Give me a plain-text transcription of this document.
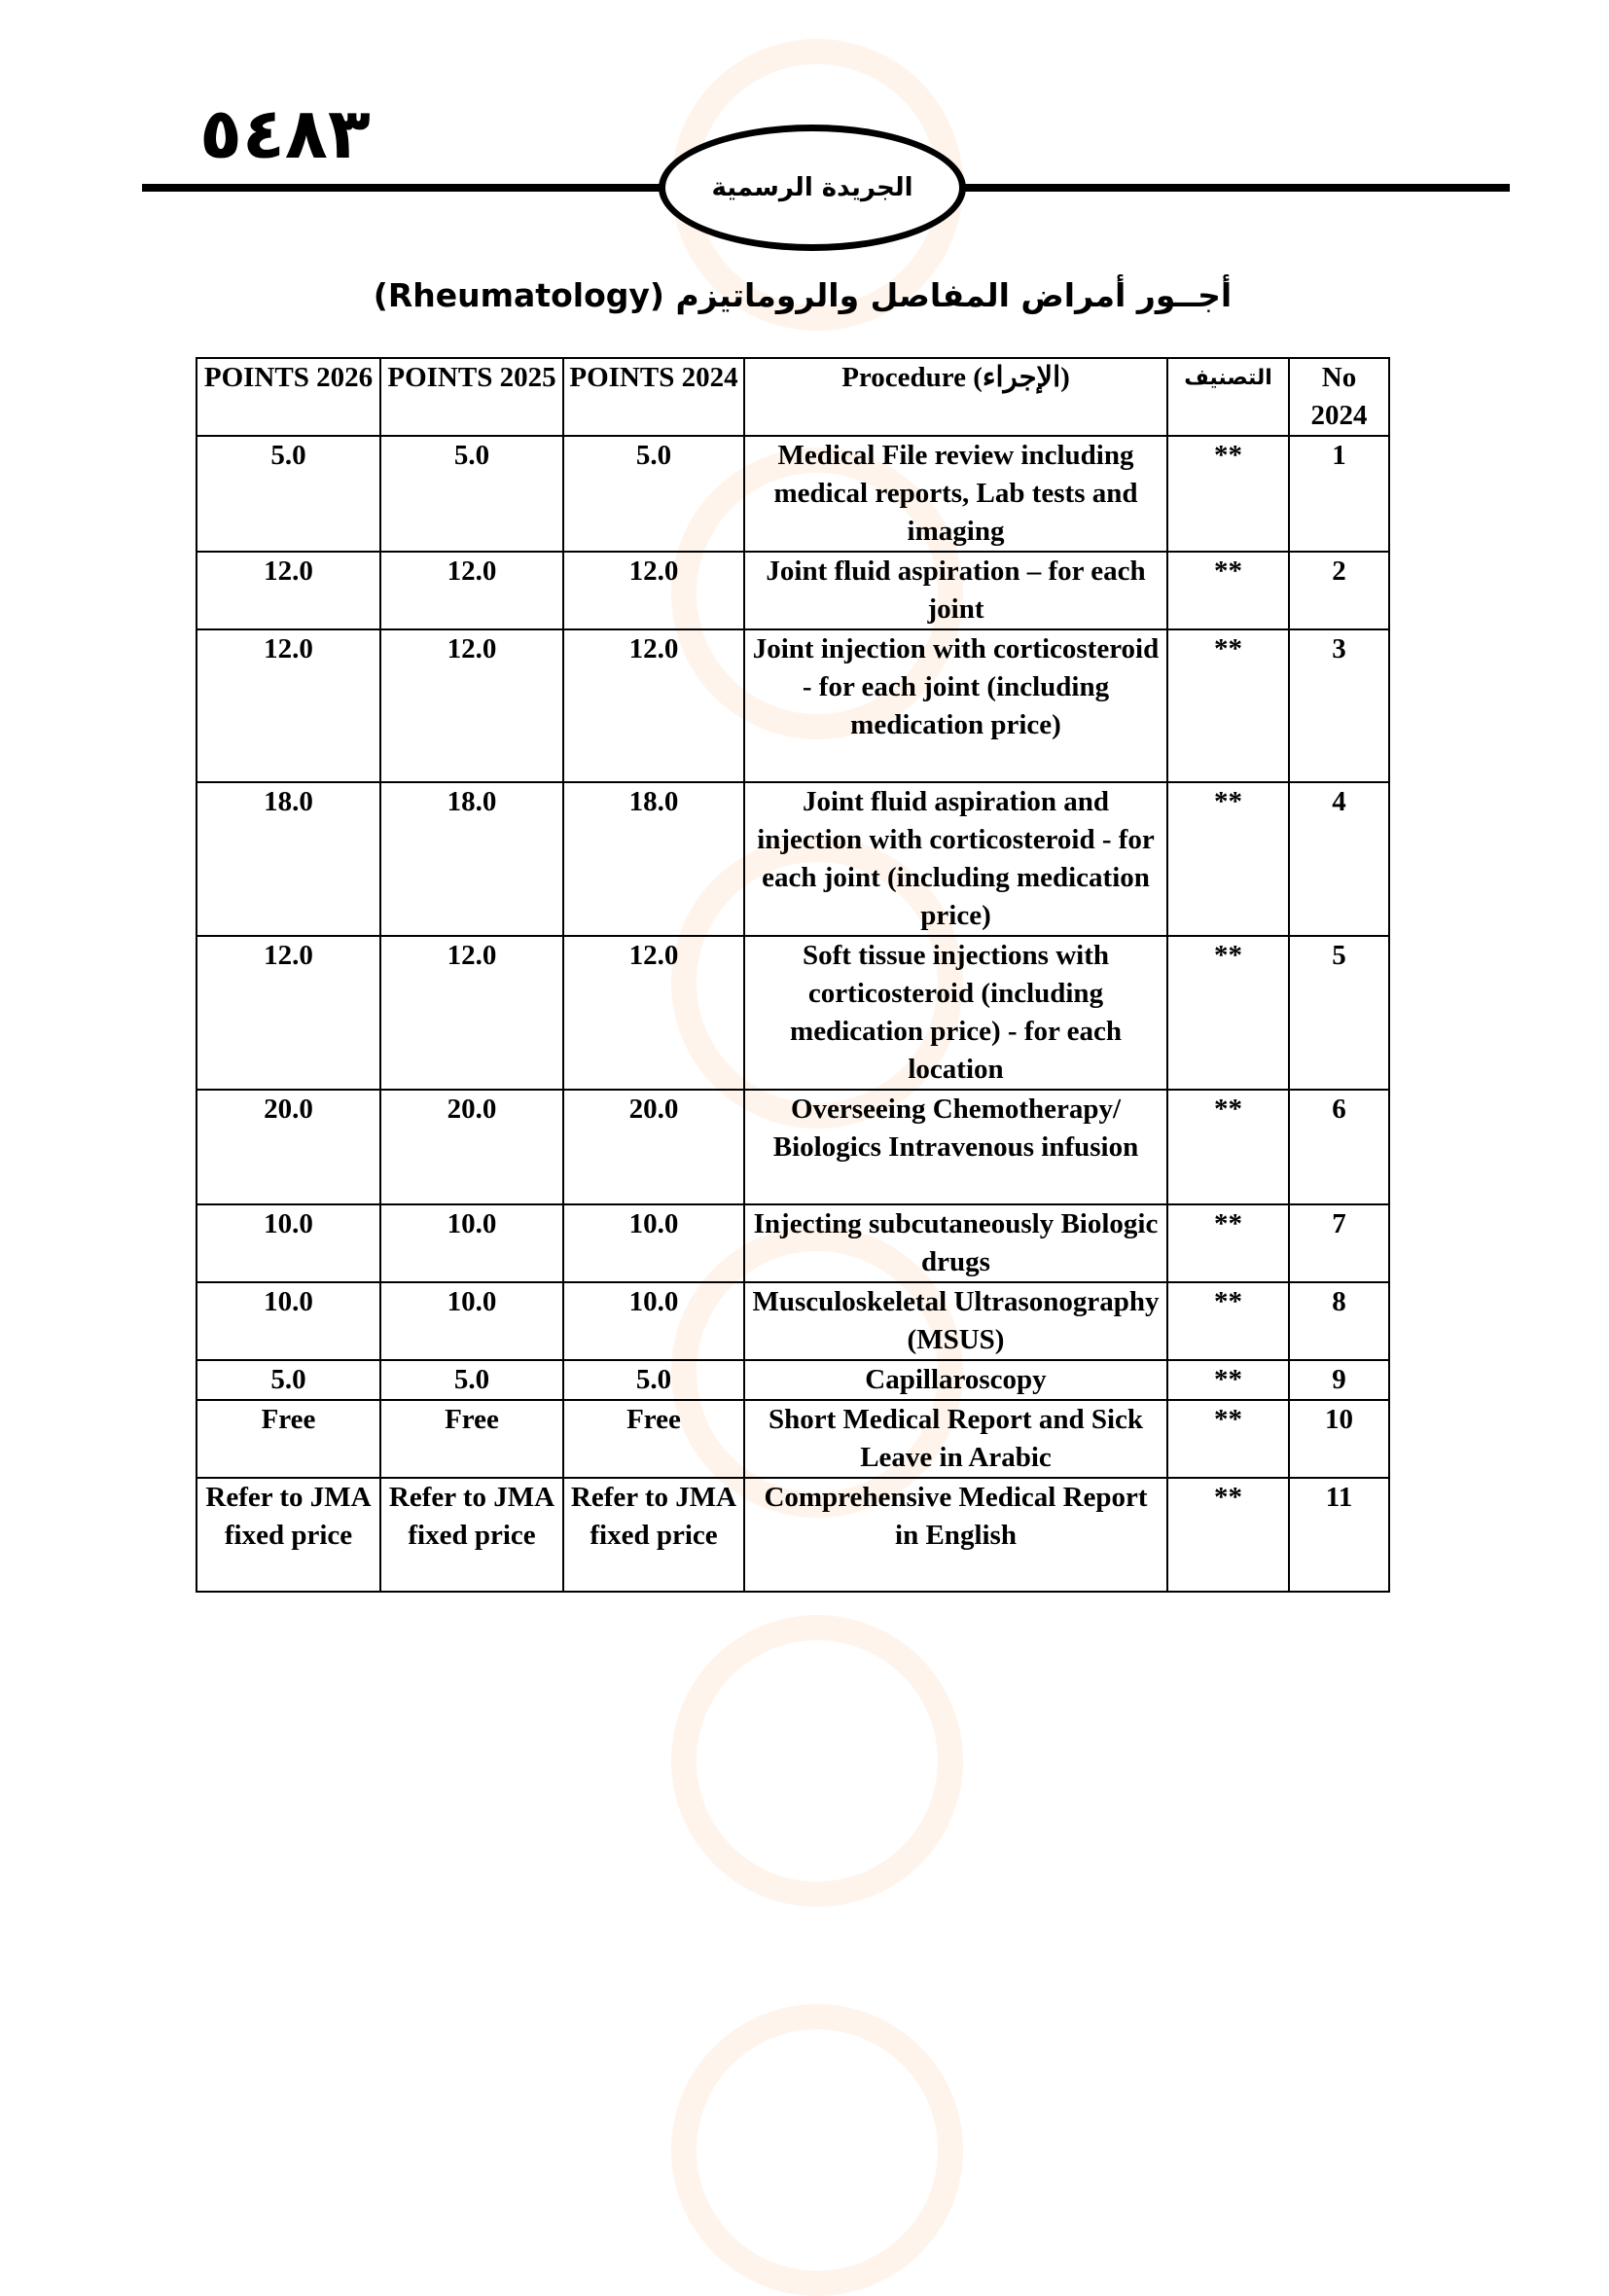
٥٤٨٣
الجريدة الرسمية
أجــور أمراض المفاصل والروماتيزم (Rheumatology)
POINTS 2026	POINTS 2025	POINTS 2024	Procedure (الإجراء)	التصنيف	No 2024
5.0	5.0	5.0	Medical File review including medical reports, Lab tests and imaging	**	1
12.0	12.0	12.0	Joint fluid aspiration – for each joint	**	2
12.0	12.0	12.0	Joint injection with corticosteroid - for each joint (including medication price)	**	3
18.0	18.0	18.0	Joint fluid aspiration and injection with corticosteroid - for each joint (including medication price)	**	4
12.0	12.0	12.0	Soft tissue injections with corticosteroid (including medication price) - for each location	**	5
20.0	20.0	20.0	Overseeing Chemotherapy/ Biologics Intravenous infusion	**	6
10.0	10.0	10.0	Injecting subcutaneously Biologic drugs	**	7
10.0	10.0	10.0	Musculoskeletal Ultrasonography (MSUS)	**	8
5.0	5.0	5.0	Capillaroscopy	**	9
Free	Free	Free	Short Medical Report and Sick Leave in Arabic	**	10
Refer to JMA fixed price	Refer to JMA fixed price	Refer to JMA fixed price	Comprehensive Medical Report in English	**	11
